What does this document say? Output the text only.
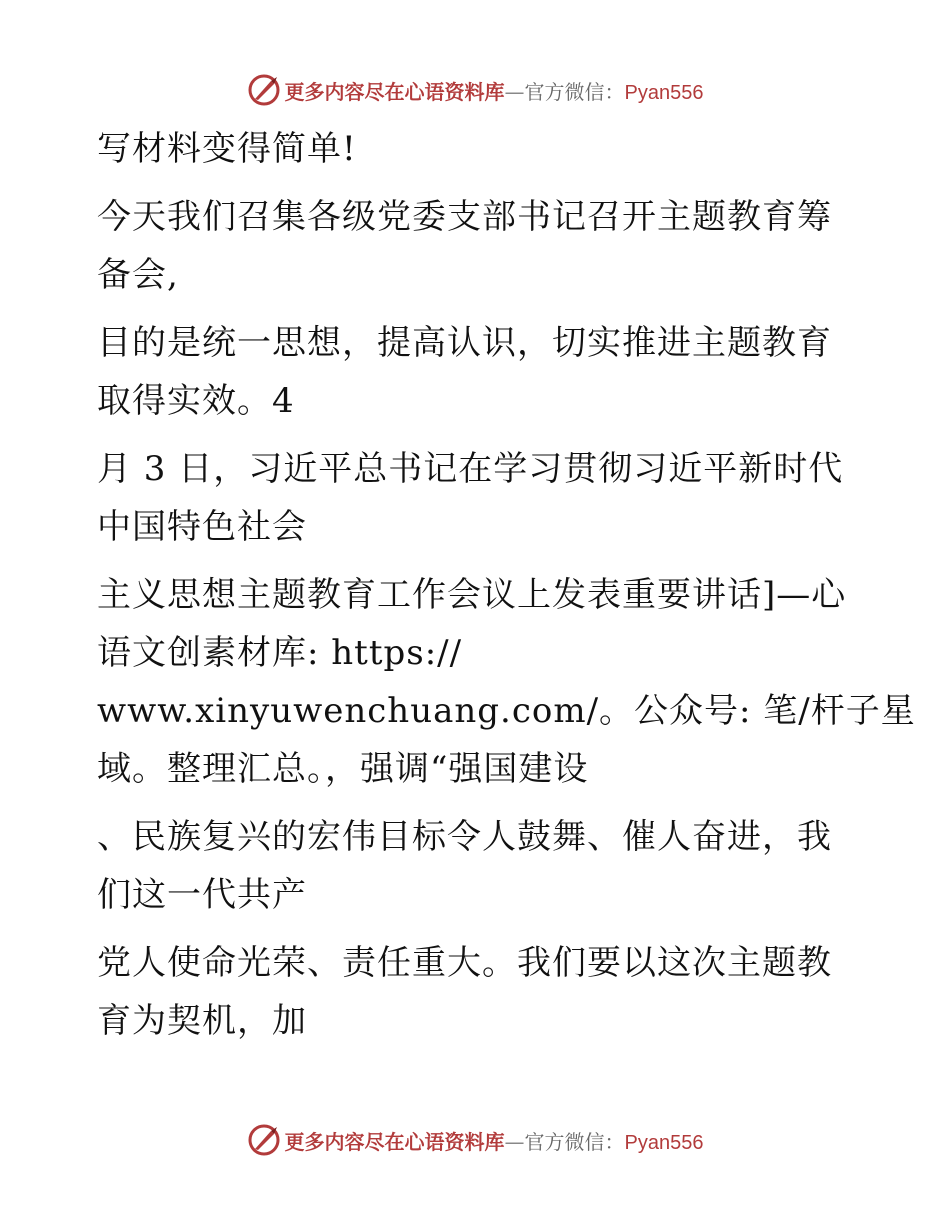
更多内容尽在心语资料库 — 官方微信： Pyan556
写材料变得简单!
今天我们召集各级党委支部书记召开主题教育筹
备会,
目的是统一思想，提高认识，切实推进主题教育
取得实效。4
月 3 日，习近平总书记在学习贯彻习近平新时代
中国特色社会
主义思想主题教育工作会议上发表重要讲话]—心
语文创素材库: https://
www.xinyuwenchuang.com/。公众号: 笔/杆子星
域。整理汇总。，强调“强国建设
、民族复兴的宏伟目标令人鼓舞、催人奋进，我
们这一代共产
党人使命光荣、责任重大。我们要以这次主题教
育为契机，加
更多内容尽在心语资料库 — 官方微信： Pyan556
